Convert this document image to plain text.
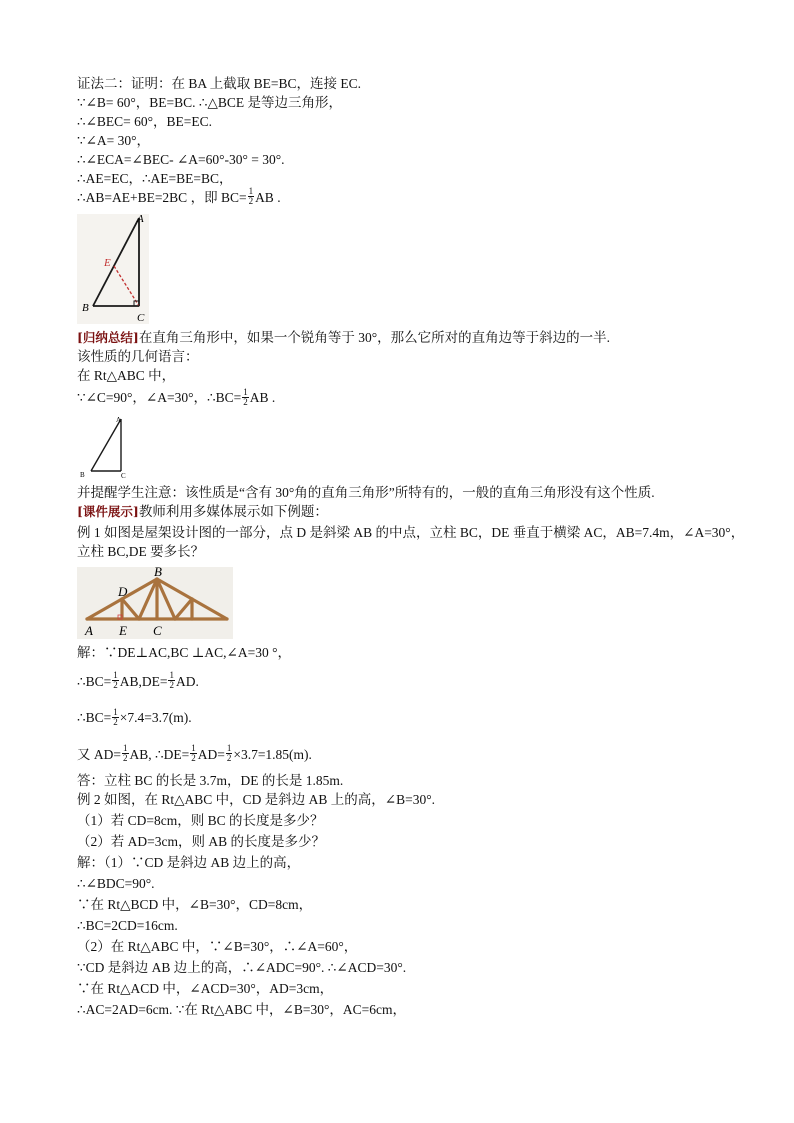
证法二：证明：在 BA 上截取 BE=BC，连接 EC.

∵∠B= 60°，BE=BC. ∴△BCE 是等边三角形，

∴∠BEC= 60°，BE=EC.

∵∠A= 30°，

∴∠ECA=∠BEC- ∠A=60°-30° = 30°.

∴AE=EC，∴AE=BE=BC，

∴AB=AE+BE=2BC ，即 $BC= \frac{1}{2}$ AB .

A
E
B
C

[归纳总结]在直角三角形中，如果一个锐角等于 30°，那么它所对的直角边等于斜边的一半.

该性质的几何语言：

在 Rt△ABC 中，

∵∠C=90°，∠A=30°，∴BC= $\frac{1}{2}$ AB .

A
B	C

并提醒学生注意：该性质是“含有 30°角的直角三角形”所特有的，一般的直角三角形没有这个性质.

[课件展示]教师利用多媒体展示如下例题：

例 1 如图是屋架设计图的一部分，点 D 是斜梁 AB 的中点，立柱 BC，DE 垂直于横梁 AC，AB=7.4m，∠A=30°，立柱 BC,DE 要多长？

B
D
A E C

解：∵DE⊥AC,BC ⊥AC,∠A=30 °，

∴BC= $\frac{1}{2} AB,DE= \frac{1}{2}$ AD.

∴BC= $\frac{1}{2} \times 7.4=3.7(m)$.

又 $AD= \frac{1}{2}$ AB, ∴DE= $\frac{1}{2} AD= \frac{1}{2} \times 3.7=1.85(m)$.

答：立柱 BC 的长是 3.7m，DE 的长是 1.85m.

例 2 如图，在 Rt△ABC 中，CD 是斜边 AB 上的高，∠B=30°.

（1）若 CD=8cm，则 BC 的长度是多少？

（2）若 AD=3cm，则 AB 的长度是多少？

解：（1）∵CD 是斜边 AB 边上的高，

∴∠BDC=90°.

∵在 Rt△BCD 中，∠B=30°，CD=8cm，

∴BC=2CD=16cm.

（2）在 Rt△ABC 中，∵∠B=30°，∴∠A=60°，

∵CD 是斜边 AB 边上的高，∴∠ADC=90°. ∴∠ACD=30°.

∵在 Rt△ACD 中，∠ACD=30°，AD=3cm，

∴AC=2AD=6cm. ∵在 Rt△ABC 中，∠B=30°，AC=6cm，
